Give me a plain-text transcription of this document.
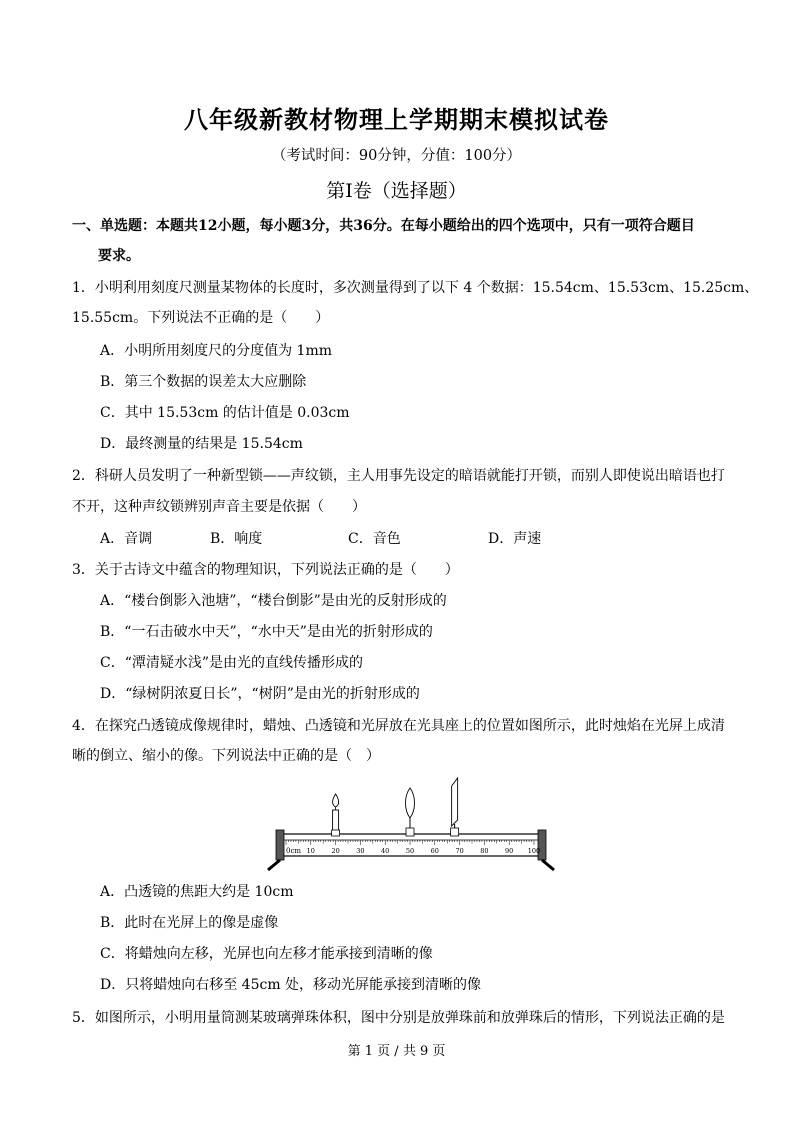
八年级新教材物理上学期期末模拟试卷
（考试时间：90分钟，分值：100分）
第I卷（选择题）
一、单选题：本题共12小题，每小题3分，共36分。在每小题给出的四个选项中，只有一项符合题目
要求。
1．小明利用刻度尺测量某物体的长度时，多次测量得到了以下 4 个数据：15.54cm、15.53cm、15.25cm、
15.55cm。下列说法不正确的是（　　）
A．小明所用刻度尺的分度值为 1mm
B．第三个数据的误差太大应删除
C．其中 15.53cm 的估计值是 0.03cm
D．最终测量的结果是 15.54cm
2．科研人员发明了一种新型锁——声纹锁，主人用事先设定的暗语就能打开锁，而别人即使说出暗语也打
不开，这种声纹锁辨别声音主要是依据（　　）
A．音调	B．响度	C．音色	D．声速
3．关于古诗文中蕴含的物理知识，下列说法正确的是（　　）
A．“楼台倒影入池塘”，“楼台倒影”是由光的反射形成的
B．“一石击破水中天”，“水中天”是由光的折射形成的
C．“潭清疑水浅”是由光的直线传播形成的
D．“绿树阴浓夏日长”，“树阴”是由光的折射形成的
4．在探究凸透镜成像规律时，蜡烛、凸透镜和光屏放在光具座上的位置如图所示，此时烛焰在光屏上成清
晰的倒立、缩小的像。下列说法中正确的是（　）
0cm 10	20	30	40	50	60	70	80	90 100
A．凸透镜的焦距大约是 10cm
B．此时在光屏上的像是虚像
C．将蜡烛向左移，光屏也向左移才能承接到清晰的像
D．只将蜡烛向右移至 45cm 处，移动光屏能承接到清晰的像
5．如图所示，小明用量筒测某玻璃弹珠体积，图中分别是放弹珠前和放弹珠后的情形，下列说法正确的是
第 1 页 / 共 9 页
